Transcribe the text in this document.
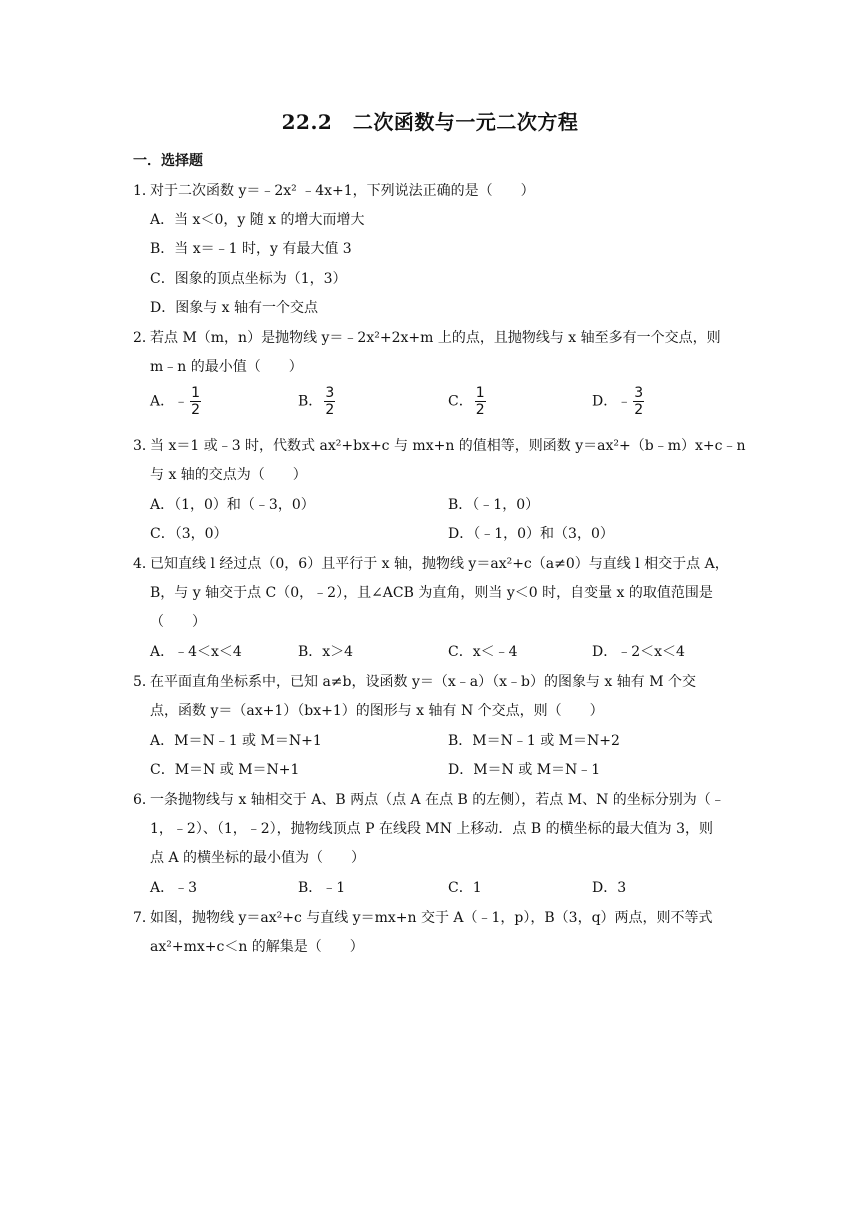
22.2　二次函数与一元二次方程
一．选择题
1．对于二次函数 y＝﹣2x² ﹣4x+1，下列说法正确的是（　　）
A．当 x＜0，y 随 x 的增大而增大
B．当 x＝﹣1 时，y 有最大值 3
C．图象的顶点坐标为（1，3）
D．图象与 x 轴有一个交点
2．若点 M（m，n）是抛物线 y＝﹣2x²+2x+m 上的点，且抛物线与 x 轴至多有一个交点，则
m﹣n 的最小值（　　）
A．﹣ $\frac{1}{2}$	B． $\frac{3}{2}$	C． $\frac{1}{2}$	D．﹣ $\frac{3}{2}$
3．当 x＝1 或﹣3 时，代数式 ax²+bx+c 与 mx+n 的值相等，则函数 y＝ax²+（b﹣m）x+c﹣n
与 x 轴的交点为（　　）
A．（1，0）和（﹣3，0）	B．（﹣1，0）
C．（3，0）	D．（﹣1，0）和（3，0）
4．已知直线 l 经过点（0，6）且平行于 x 轴，抛物线 y＝ax²+c（a≠0）与直线 l 相交于点 A，
B，与 y 轴交于点 C（0，﹣2），且∠ACB 为直角，则当 y＜0 时，自变量 x 的取值范围是
（　　）
A．﹣4＜x＜4	B．x＞4	C．x＜﹣4	D．﹣2＜x＜4
5．在平面直角坐标系中，已知 a≠b，设函数 y＝（x﹣a）（x﹣b）的图象与 x 轴有 M 个交
点，函数 y＝（ax+1）（bx+1）的图形与 x 轴有 N 个交点，则（　　）
A．M＝N﹣1 或 M＝N+1	B．M＝N﹣1 或 M＝N+2
C．M＝N 或 M＝N+1	D．M＝N 或 M＝N﹣1
6．一条抛物线与 x 轴相交于 A、B 两点（点 A 在点 B 的左侧），若点 M、N 的坐标分别为（﹣
1，﹣2）、（1，﹣2），抛物线顶点 P 在线段 MN 上移动．点 B 的横坐标的最大值为 3，则
点 A 的横坐标的最小值为（　　）
A．﹣3	B．﹣1	C．1	D．3
7．如图，抛物线 y＝ax²+c 与直线 y＝mx+n 交于 A（﹣1，p），B（3，q）两点，则不等式
ax²+mx+c＜n 的解集是（　　）
